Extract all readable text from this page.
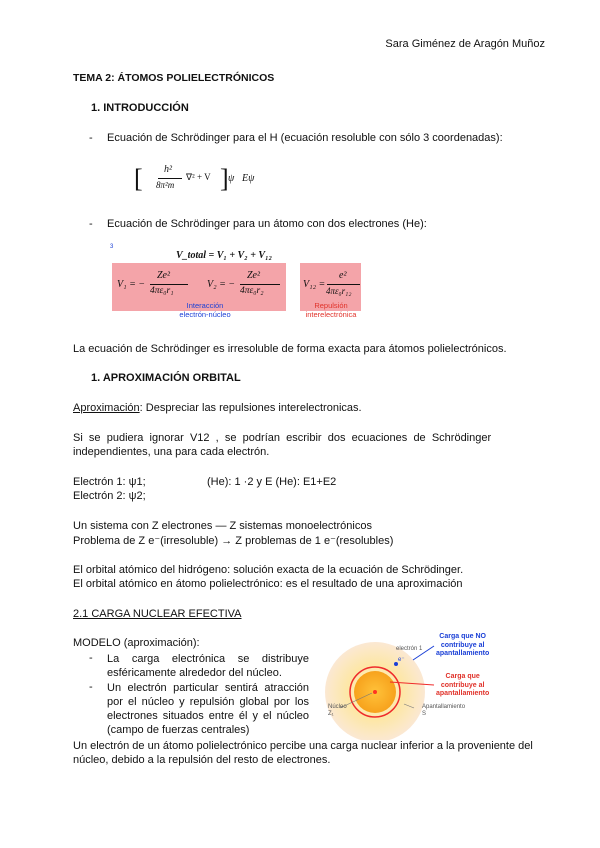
Sara Giménez de Aragón Muñoz
TEMA 2: ÁTOMOS POLIELECTRÓNICOS
1. INTRODUCCIÓN
- Ecuación de Schrödinger para el H (ecuación resoluble con sólo 3 coordenadas):
[ h²
8π²m
∇² + V ] ψ Eψ
- Ecuación de Schrödinger para un átomo con dos electrones (He):
3
V_total = V₁ + V₂ + V₁₂
V₁ = −
Ze²
4πε₀r₁
V₂ = −
Ze²
4πε₀r₂
V₁₂ =
e²
4πε₀r₁₂
Interacción
electrón-núcleo
Repulsión
interelectrónica
La ecuación de Schrödinger es irresoluble de forma exacta para átomos polielectrónicos.
1. APROXIMACIÓN ORBITAL
Aproximación: Despreciar las repulsiones interelectronicas.
Si se pudiera ignorar V12 , se podrían escribir dos ecuaciones de Schrödinger
independientes, una para cada electrón.
Electrón 1: ψ1;	(He): 1 ·2 y E (He): E1+E2
Electrón 2: ψ2;
Un sistema con Z electrones — Z sistemas monoelectrónicos
Problema de Z e⁻(irresoluble) → Z problemas de 1 e⁻(resolubles)
El orbital atómico del hidrógeno: solución exacta de la ecuación de Schrödinger.
El orbital atómico en átomo polielectrónico: es el resultado de una aproximación
2.1 CARGA NUCLEAR EFECTIVA
MODELO (aproximación):
- La carga electrónica se distribuye esféricamente alrededor del núcleo.
- Un electrón particular sentirá atracción por el núcleo y repulsión global por los electrones situados entre él y el núcleo (campo de fuerzas centrales)
Un electrón de un átomo polielectrónico percibe una carga nuclear inferior a la proveniente del núcleo, debido a la repulsión del resto de electrones.
electrón 1
e⁻
Carga que NO
contribuye al
apantallamiento
Carga que
contribuye al
apantallamiento
Núcleo
Z₁
Apantallamiento
S
